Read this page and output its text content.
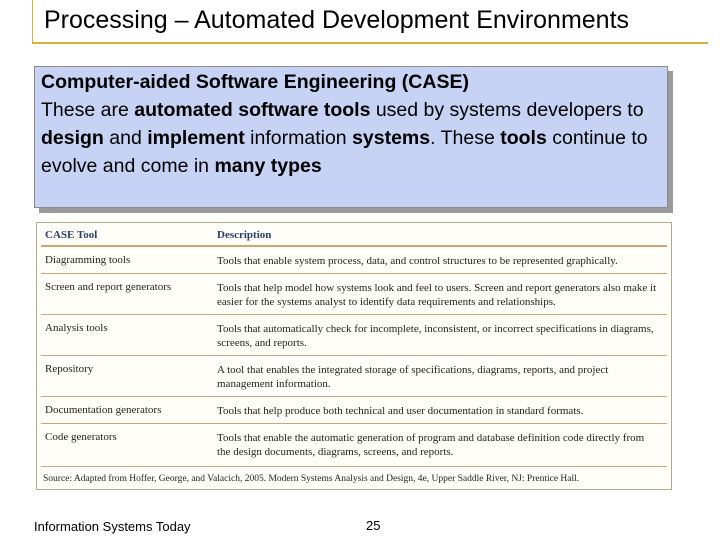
Processing – Automated Development Environments
Computer-aided Software Engineering (CASE)
These are automated software tools used by systems developers to design and implement information systems. These tools continue to evolve and come in many types
CASE Tool	Description
Diagramming tools	Tools that enable system process, data, and control structures to be represented graphically.
Screen and report generators	Tools that help model how systems look and feel to users. Screen and report generators also make it easier for the systems analyst to identify data requirements and relationships.
Analysis tools	Tools that automatically check for incomplete, inconsistent, or incorrect specifications in diagrams, screens, and reports.
Repository	A tool that enables the integrated storage of specifications, diagrams, reports, and project management information.
Documentation generators	Tools that help produce both technical and user documentation in standard formats.
Code generators	Tools that enable the automatic generation of program and database definition code directly from the design documents, diagrams, screens, and reports.
Source: Adapted from Hoffer, George, and Valacich, 2005. Modern Systems Analysis and Design, 4e, Upper Saddle River, NJ: Prentice Hall.
Information Systems Today	25
